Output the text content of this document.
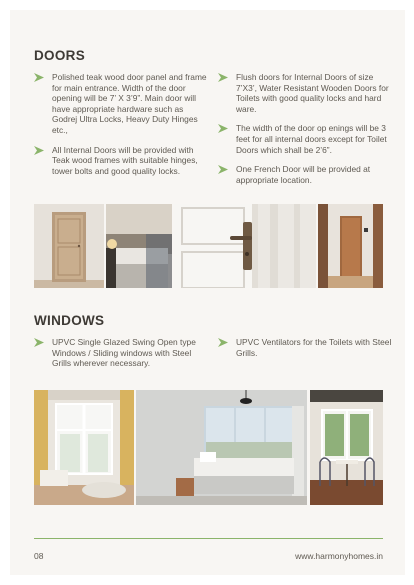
DOORS
Polished teak wood door panel and frame for main entrance. Width of the door opening will be 7’ X 3’9”. Main door will have appropriate hardware such as Godrej Ultra Locks, Heavy Duty Hinges etc.,
All Internal Doors will be provided with Teak wood frames with suitable hinges, tower bolts and good quality locks.
Flush doors for Internal Doors of size 7’X3’, Water Resistant Wooden Doors for Toilets with good quality locks and hard ware.
The width of the door op enings will be 3 feet for all internal doors except for Toilet Doors which shall be 2’6”.
One French Door will be provided at appropriate location.
WINDOWS
UPVC Single Glazed Swing Open type Windows / Sliding windows with Steel Grills wherever necessary.
UPVC Ventilators for the Toilets with Steel Grills.
08	www.harmonyhomes.in
